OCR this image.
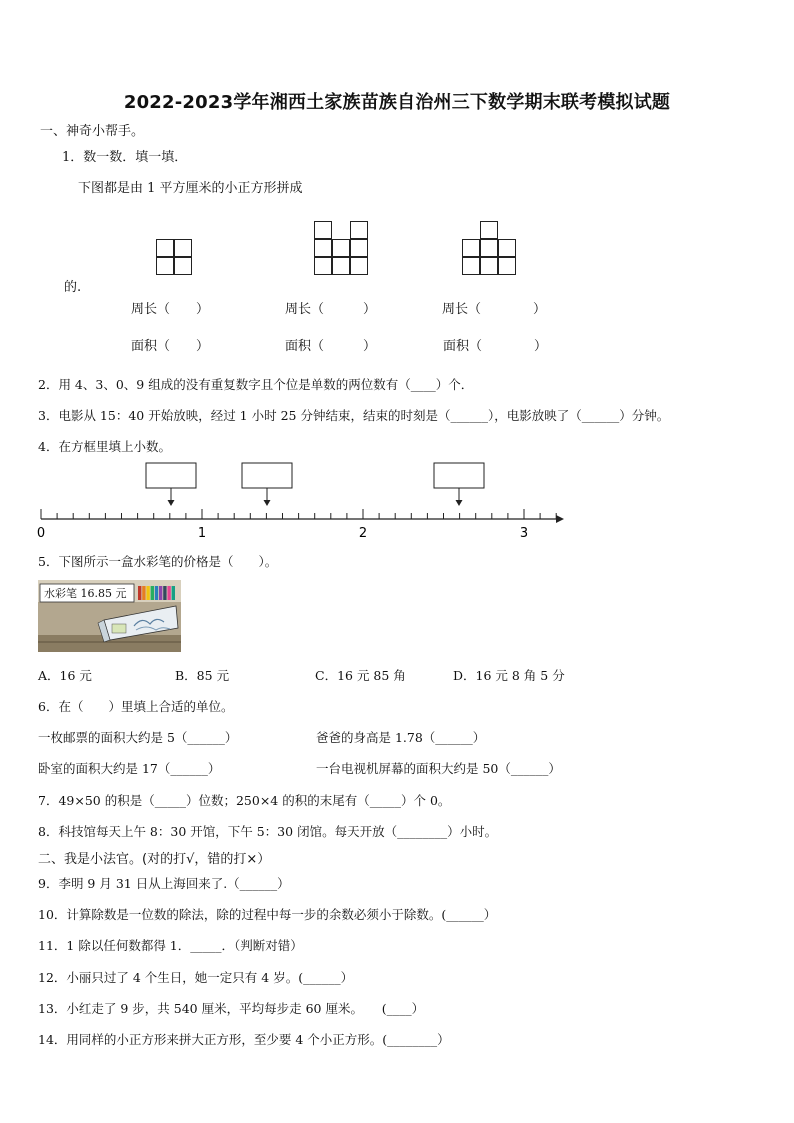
2022-2023学年湘西土家族苗族自治州三下数学期末联考模拟试题
一、神奇小帮手。
1．数一数．填一填．
下图都是由 1 平方厘米的小正方形拼成
的.
周长（　　）	周长（　　　）	周长（　　　　）
面积（　　）	面积（　　　）	面积（　　　　）
2．用 4、3、0、9 组成的没有重复数字且个位是单数的两位数有（____）个．
3．电影从 15：40 开始放映，经过 1 小时 25 分钟结束，结束的时刻是（______），电影放映了（______）分钟。
4．在方框里填上小数。
0	1	2	3
5．下图所示一盒水彩笔的价格是（　　）。
水彩笔 16.85 元
A．16 元	B．85 元	C．16 元 85 角	D．16 元 8 角 5 分
6．在（　　）里填上合适的单位。
一枚邮票的面积大约是 5（______）	爸爸的身高是 1.78（______）
卧室的面积大约是 17（______）	一台电视机屏幕的面积大约是 50（______）
7．49×50 的积是（_____）位数；250×4 的积的末尾有（_____）个 0。
8．科技馆每天上午 8：30 开馆，下午 5：30 闭馆。每天开放（________）小时。
二、我是小法官。(对的打√，错的打×）
9．李明 9 月 31 日从上海回来了.（______）
10．计算除数是一位数的除法，除的过程中每一步的余数必须小于除数。(______）
11．1 除以任何数都得 1．_____．（判断对错）
12．小丽只过了 4 个生日，她一定只有 4 岁。(______）
13．小红走了 9 步，共 540 厘米，平均每步走 60 厘米。　　(____）
14．用同样的小正方形来拼大正方形，至少要 4 个小正方形。(________）
